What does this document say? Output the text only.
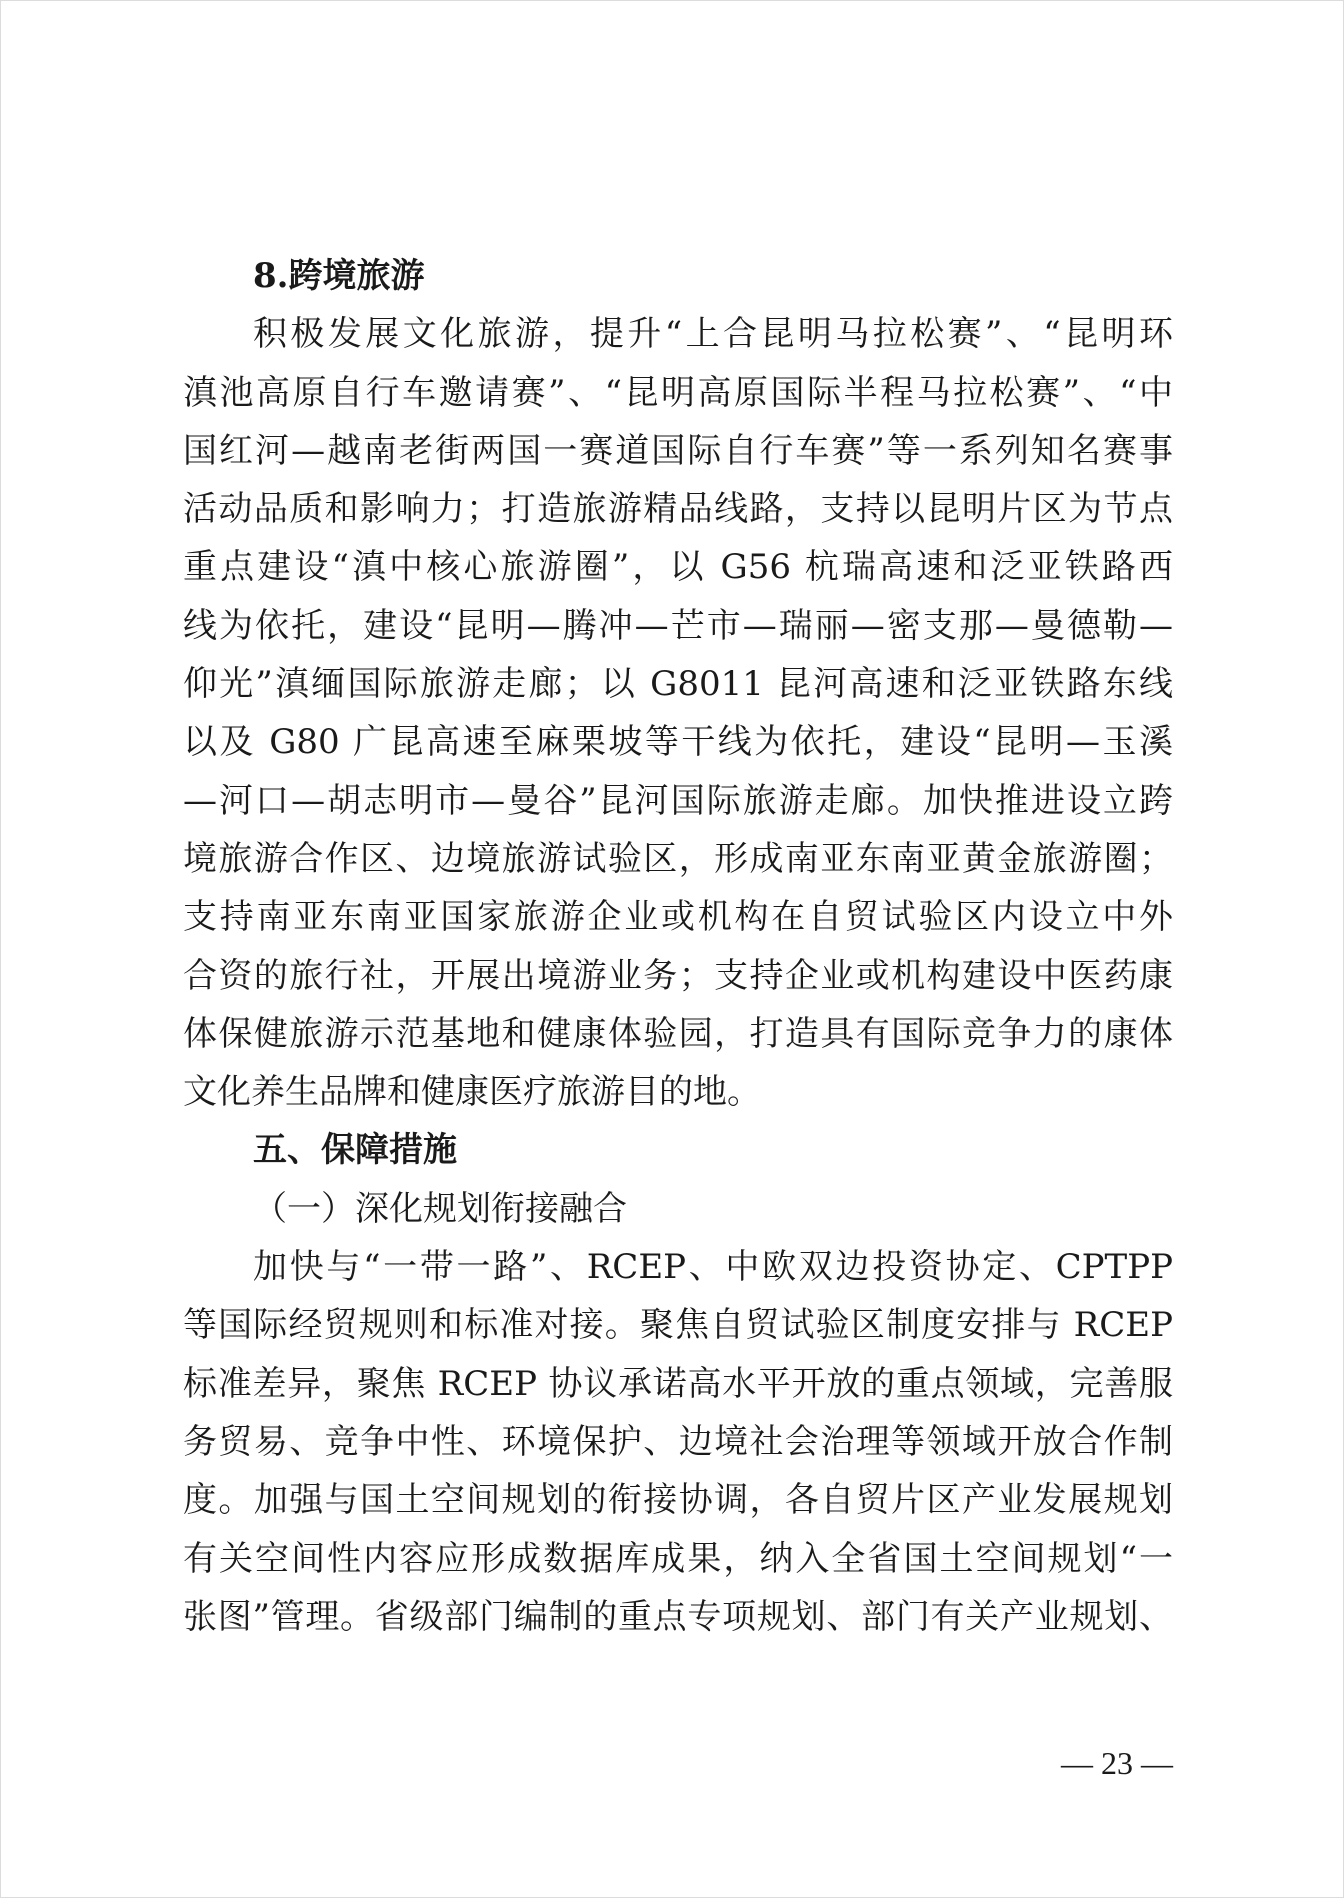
8.跨境旅游
积极发展文化旅游，提升“上合昆明马拉松赛”、“昆明环
滇池高原自行车邀请赛”、“昆明高原国际半程马拉松赛”、“中
国红河—越南老街两国一赛道国际自行车赛”等一系列知名赛事
活动品质和影响力；打造旅游精品线路，支持以昆明片区为节点
重点建设“滇中核心旅游圈”，以 G56 杭瑞高速和泛亚铁路西
线为依托，建设“昆明—腾冲—芒市—瑞丽—密支那—曼德勒—
仰光”滇缅国际旅游走廊；以 G8011 昆河高速和泛亚铁路东线
以及 G80 广昆高速至麻栗坡等干线为依托，建设“昆明—玉溪
—河口—胡志明市—曼谷”昆河国际旅游走廊。加快推进设立跨
境旅游合作区、边境旅游试验区，形成南亚东南亚黄金旅游圈；
支持南亚东南亚国家旅游企业或机构在自贸试验区内设立中外
合资的旅行社，开展出境游业务；支持企业或机构建设中医药康
体保健旅游示范基地和健康体验园，打造具有国际竞争力的康体
文化养生品牌和健康医疗旅游目的地。
五、保障措施
（一）深化规划衔接融合
加快与“一带一路”、RCEP、中欧双边投资协定、CPTPP
等国际经贸规则和标准对接。聚焦自贸试验区制度安排与 RCEP
标准差异，聚焦 RCEP 协议承诺高水平开放的重点领域，完善服
务贸易、竞争中性、环境保护、边境社会治理等领域开放合作制
度。加强与国土空间规划的衔接协调，各自贸片区产业发展规划
有关空间性内容应形成数据库成果，纳入全省国土空间规划“一
张图”管理。省级部门编制的重点专项规划、部门有关产业规划、
— 23 —
